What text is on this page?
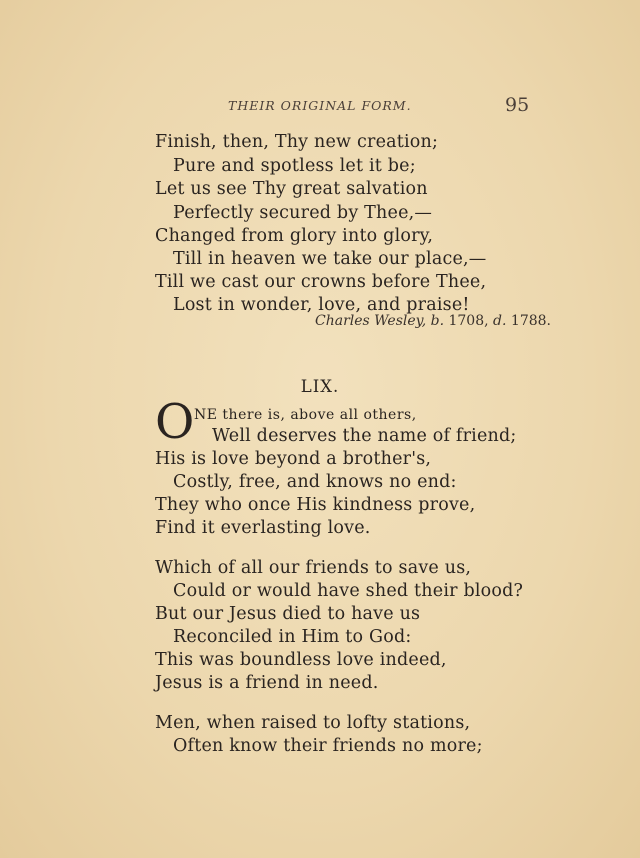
THEIR ORIGINAL FORM.	95
Finish, then, Thy new creation;
Pure and spotless let it be;
Let us see Thy great salvation
Perfectly secured by Thee,—
Changed from glory into glory,
Till in heaven we take our place,—
Till we cast our crowns before Thee,
Lost in wonder, love, and praise!
Charles Wesley, b. 1708, d. 1788.
LIX.
O NE there is, above all others,
Well deserves the name of friend;
His is love beyond a brother's,
Costly, free, and knows no end:
They who once His kindness prove,
Find it everlasting love.
Which of all our friends to save us,
Could or would have shed their blood?
But our Jesus died to have us
Reconciled in Him to God:
This was boundless love indeed,
Jesus is a friend in need.
Men, when raised to lofty stations,
Often know their friends no more;
